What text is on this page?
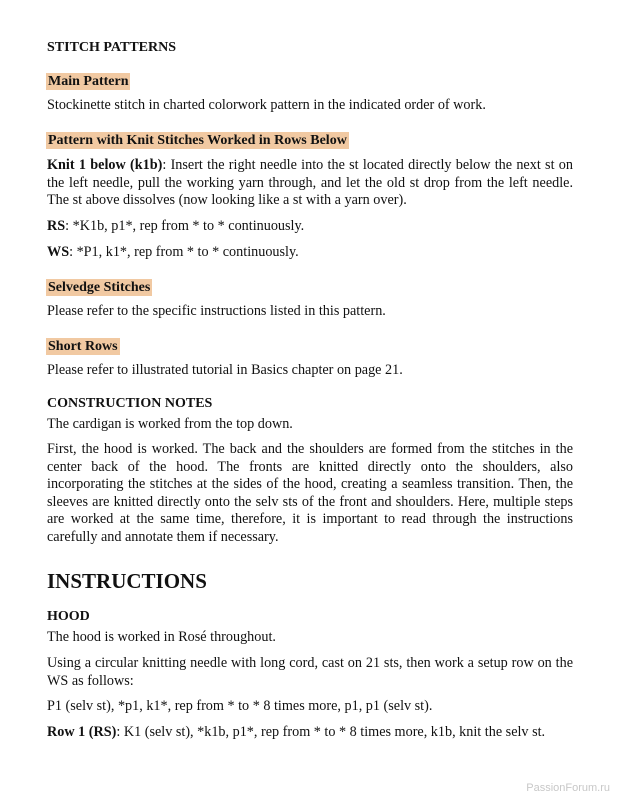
STITCH PATTERNS
Main Pattern
Stockinette stitch in charted colorwork pattern in the indicated order of work.
Pattern with Knit Stitches Worked in Rows Below
Knit 1 below (k1b): Insert the right needle into the st located directly below the next st on the left needle, pull the working yarn through, and let the old st drop from the left needle. The st above dissolves (now looking like a st with a yarn over).
RS: *K1b, p1*, rep from * to * continuously.
WS: *P1, k1*, rep from * to * continuously.
Selvedge Stitches
Please refer to the specific instructions listed in this pattern.
Short Rows
Please refer to illustrated tutorial in Basics chapter on page 21.
CONSTRUCTION NOTES
The cardigan is worked from the top down.
First, the hood is worked. The back and the shoulders are formed from the stitches in the center back of the hood. The fronts are knitted directly onto the shoulders, also incorporating the stitches at the sides of the hood, creating a seamless transition. Then, the sleeves are knitted directly onto the selv sts of the front and shoulders. Here, multiple steps are worked at the same time, therefore, it is important to read through the instructions carefully and annotate them if necessary.
INSTRUCTIONS
HOOD
The hood is worked in Rosé throughout.
Using a circular knitting needle with long cord, cast on 21 sts, then work a setup row on the WS as follows:
P1 (selv st), *p1, k1*, rep from * to * 8 times more, p1, p1 (selv st).
Row 1 (RS): K1 (selv st), *k1b, p1*, rep from * to * 8 times more, k1b, knit the selv st.
PassionForum.ru
